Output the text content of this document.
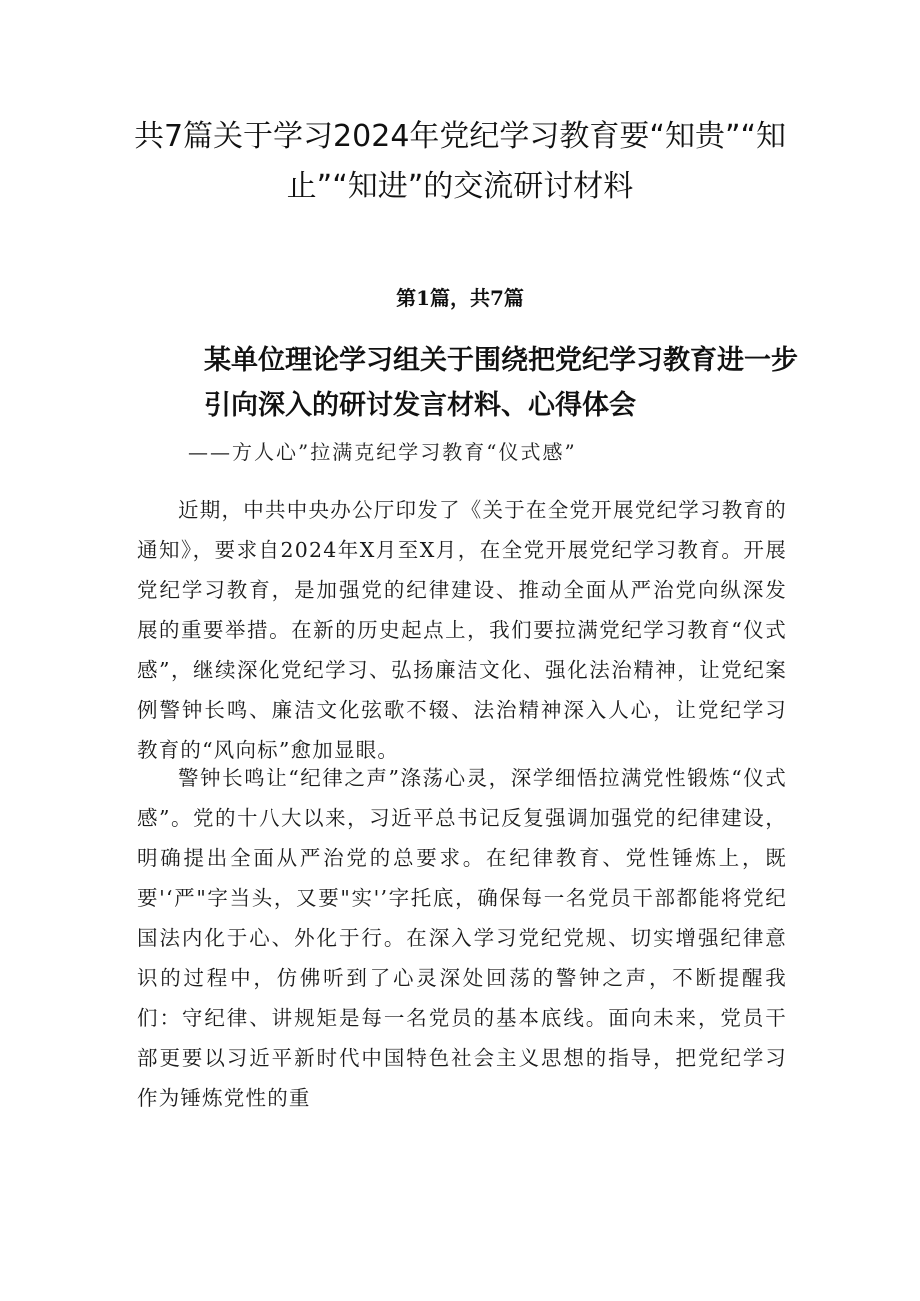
共7篇关于学习2024年党纪学习教育要“知贵”“知止”“知进”的交流研讨材料
第1篇，共7篇
某单位理论学习组关于围绕把党纪学习教育进一步引向深入的研讨发言材料、心得体会
——方人心”拉满克纪学习教育“仪式感”

近期，中共中央办公厅印发了《关于在全党开展党纪学习教育的通知》，要求自2024年X月至X月，在全党开展党纪学习教育。开展党纪学习教育，是加强党的纪律建设、推动全面从严治党向纵深发展的重要举措。在新的历史起点上，我们要拉满党纪学习教育“仪式感”，继续深化党纪学习、弘扬廉洁文化、强化法治精神，让党纪案例警钟长鸣、廉洁文化弦歌不辍、法治精神深入人心，让党纪学习教育的“风向标”愈加显眼。

警钟长鸣让“纪律之声”涤荡心灵，深学细悟拉满党性锻炼“仪式感”。党的十八大以来，习近平总书记反复强调加强党的纪律建设，明确提出全面从严治党的总要求。在纪律教育、党性锤炼上，既要'‘严"字当头，又要"实'’字托底，确保每一名党员干部都能将党纪国法内化于心、外化于行。在深入学习党纪党规、切实增强纪律意识的过程中，仿佛听到了心灵深处回荡的警钟之声，不断提醒我们：守纪律、讲规矩是每一名党员的基本底线。面向未来，党员干部更要以习近平新时代中国特色社会主义思想的指导，把党纪学习作为锤炼党性的重
